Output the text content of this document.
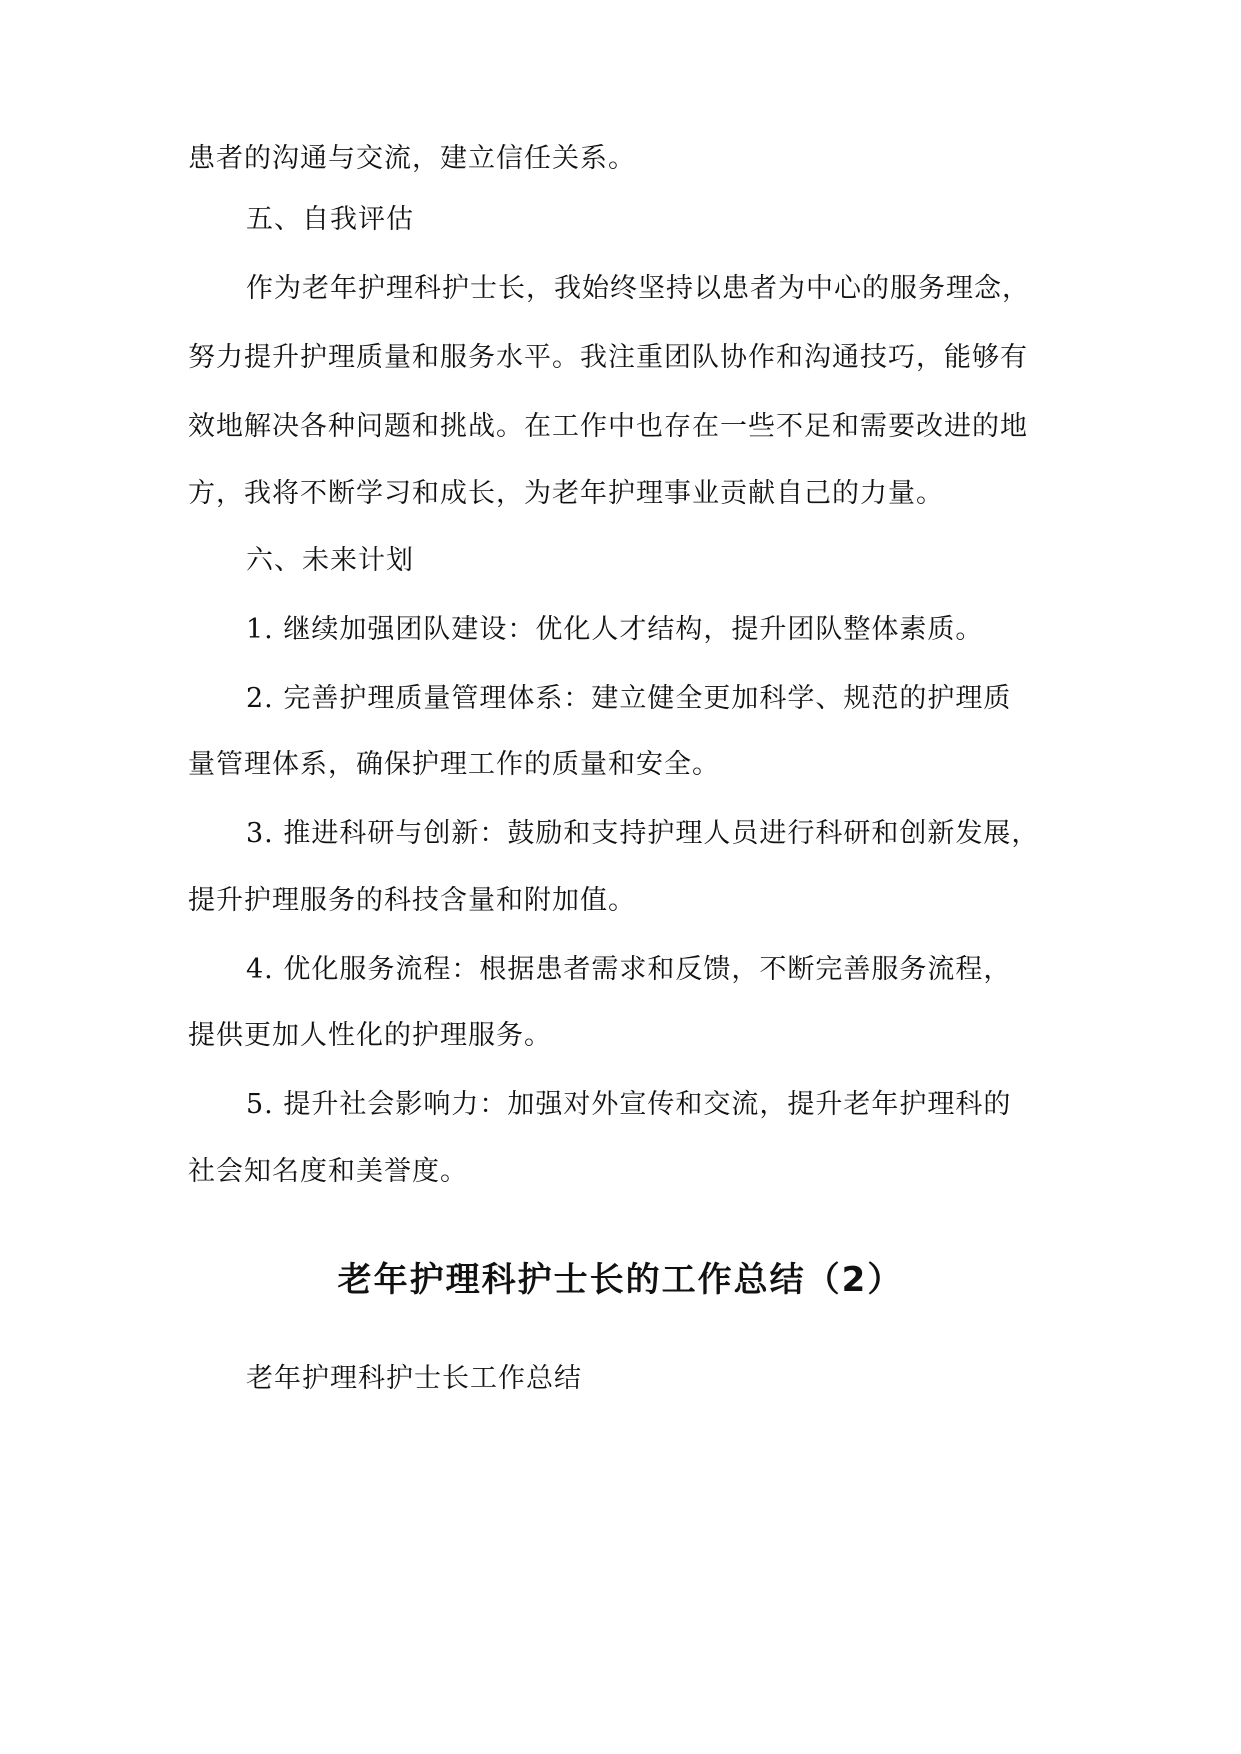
患者的沟通与交流，建立信任关系。
五、自我评估
作为老年护理科护士长，我始终坚持以患者为中心的服务理念，
努力提升护理质量和服务水平。我注重团队协作和沟通技巧，能够有
效地解决各种问题和挑战。在工作中也存在一些不足和需要改进的地
方，我将不断学习和成长，为老年护理事业贡献自己的力量。
六、未来计划
1. 继续加强团队建设：优化人才结构，提升团队整体素质。
2. 完善护理质量管理体系：建立健全更加科学、规范的护理质
量管理体系，确保护理工作的质量和安全。
3. 推进科研与创新：鼓励和支持护理人员进行科研和创新发展，
提升护理服务的科技含量和附加值。
4. 优化服务流程：根据患者需求和反馈，不断完善服务流程，
提供更加人性化的护理服务。
5. 提升社会影响力：加强对外宣传和交流，提升老年护理科的
社会知名度和美誉度。
老年护理科护士长的工作总结（2）
老年护理科护士长工作总结
